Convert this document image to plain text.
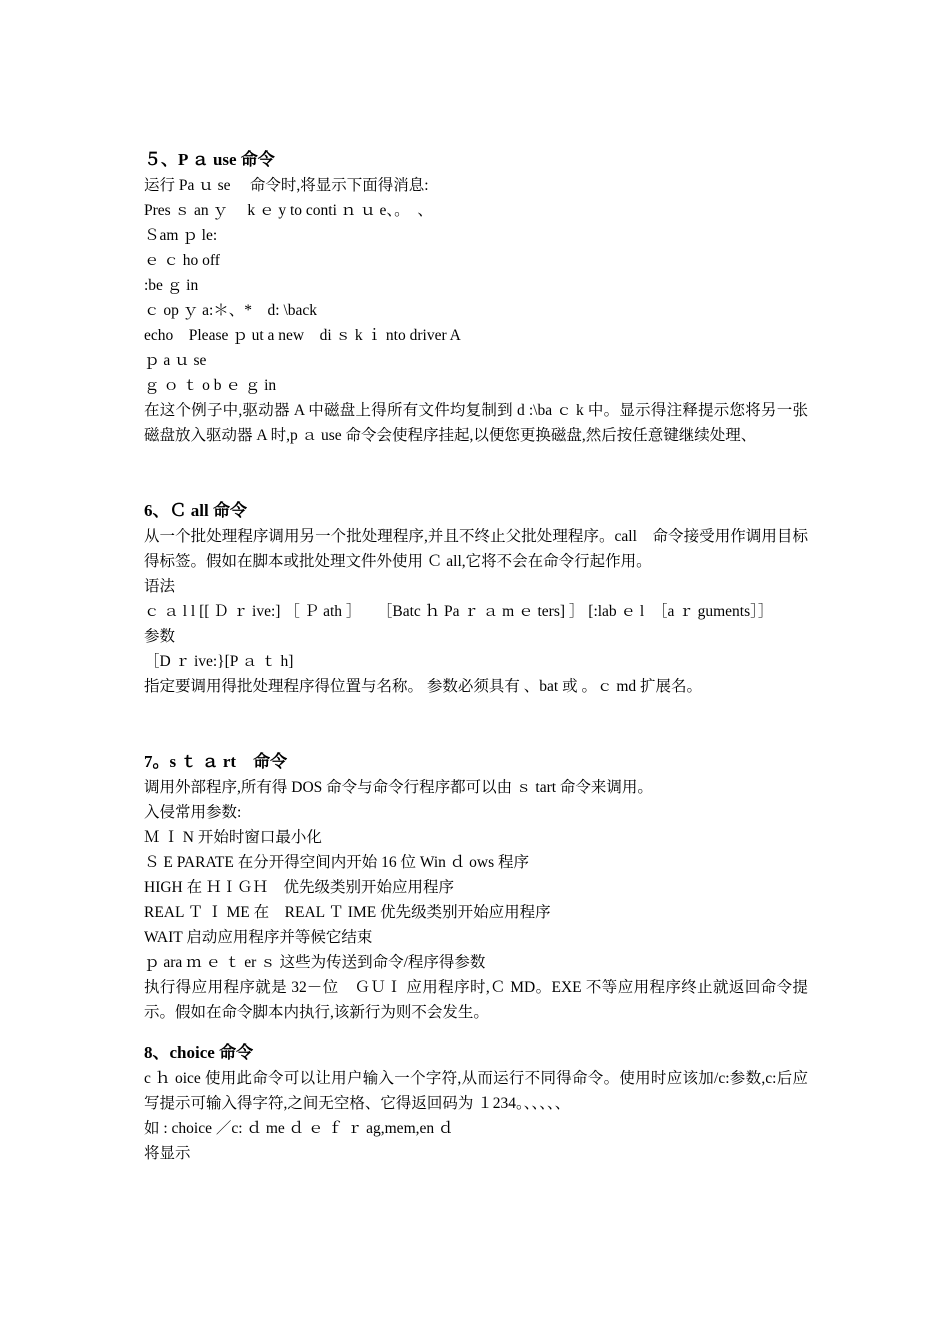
５、P ａ use 命令

运行 Pa ｕ se　 命令时,将显示下面得消息:

Pres ｓ an ｙ　 k ｅ y to conti ｎ ｕ e、。　、

Ｓam ｐ le:

ｅ ｃ ho off

:be ｇ in

ｃ op ｙ a:＊、*　d: \back

echo　Please ｐ ut a new　di ｓ k ｉ nto driver A

ｐ a ｕ se

ｇ ｏ ｔ o b ｅ ｇ in

在这个例子中,驱动器 A 中磁盘上得所有文件均复制到 d :\ba ｃ k 中。显示得注释提示您将另一张磁盘放入驱动器 A 时,p ａ use 命令会使程序挂起,以便您更换磁盘,然后按任意键继续处理、

6、Ｃ all 命令

从一个批处理程序调用另一个批处理程序,并且不终止父批处理程序。call　命令接受用作调用目标得标签。假如在脚本或批处理文件外使用 Ｃ all,它将不会在命令行起作用。

语法

ｃ ａ l l [[ Ｄ ｒ ive:] ［ Ｐ ath ］　　［Batc ｈ Pa ｒ ａ m ｅ ters] ］ [:lab ｅ l　［a ｒ guments］］

参数

［D ｒ ive:}[P ａ ｔ h]

指定要调用得批处理程序得位置与名称。 参数必须具有 、bat 或 。ｃ md 扩展名。

7。s ｔ ａ rt　命令

调用外部程序,所有得 DOS 命令与命令行程序都可以由 ｓ tart 命令来调用。

入侵常用参数:

Ｍ Ｉ N 开始时窗口最小化

Ｓ E PARATE 在分开得空间内开始 16 位 Win ｄ ows 程序

HIGH 在 ＨＩＧＨ　优先级类别开始应用程序

REAL Ｔ Ｉ ME 在　REAL Ｔ IME 优先级类别开始应用程序

WAIT 启动应用程序并等候它结束

ｐ ara ｍ ｅ ｔ er ｓ 这些为传送到命令/程序得参数

执行得应用程序就是 32－位　ＧＵＩ 应用程序时,Ｃ MD。EXE 不等应用程序终止就返回命令提示。假如在命令脚本内执行,该新行为则不会发生。

8、choice 命令

c ｈ oice 使用此命令可以让用户输入一个字符,从而运行不同得命令。使用时应该加/c:参数,c:后应写提示可输入得字符,之间无空格、它得返回码为 １234。、、、、、

如 : choice ／c: ｄ me ｄ ｅ ｆ ｒ ag,mem,en ｄ

将显示
